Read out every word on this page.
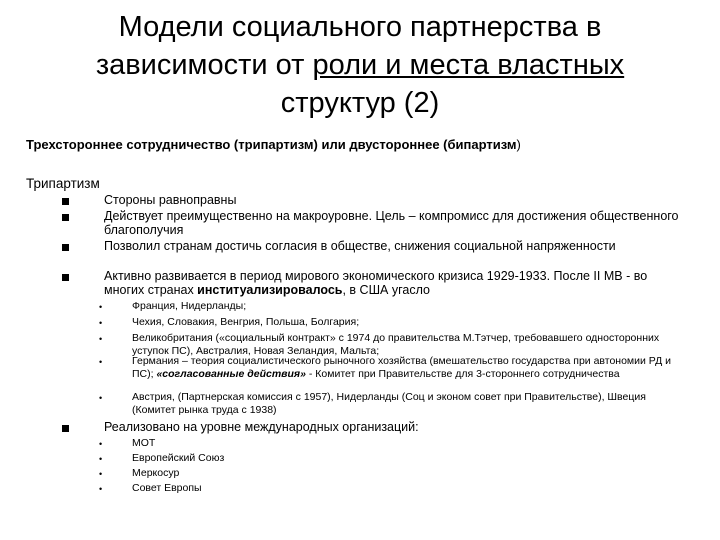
Модели социального партнерства в
зависимости от роли и места властных
структур (2)
Трехстороннее сотрудничество (трипартизм) или двустороннее (бипартизм)
Трипартизм
Стороны равноправны
Действует преимущественно на макроуровне. Цель – компромисс для достижения общественного благополучия
Позволил странам достичь согласия в обществе, снижения социальной напряженности
Активно развивается в период мирового экономического кризиса 1929-1933. После II МВ - во многих странах институализировалось, в США угасло
•	Франция, Нидерланды;
•	Чехия, Словакия, Венгрия, Польша, Болгария;
•	Великобритания («социальный контракт» с 1974 до правительства М.Тэтчер, требовавшего односторонних уступок ПС), Австралия, Новая Зеландия, Мальта;
•	Германия – теория социалистического рыночного хозяйства (вмешательство государства при автономии РД и ПС); «согласованные действия» - Комитет при Правительстве для 3-стороннего сотрудничества
•	Австрия, (Партнерская комиссия с 1957), Нидерланды (Соц и эконом совет при Правительстве), Швеция (Комитет рынка труда с 1938)
Реализовано на уровне международных организаций:
•	МОТ
•	Европейский Союз
•	Меркосур
•	Совет Европы
